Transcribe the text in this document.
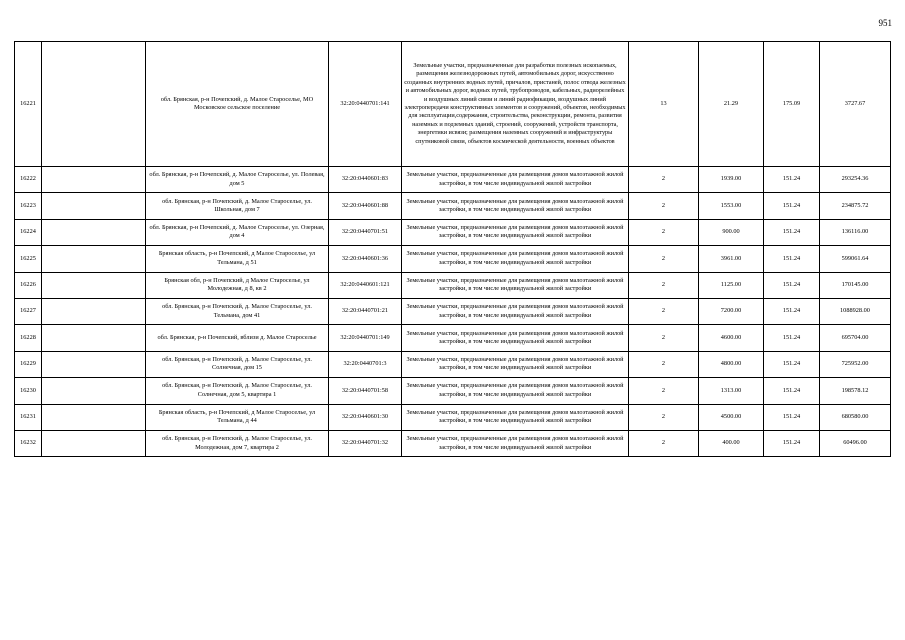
951
16221		обл. Брянская, р-н Почепский, д. Малое Староселье, МО Московское сельское поселение	32:20:0440701:141	Земельные участки, предназначенные для разработки полезных ископаемых, размещения железнодорожных путей, автомобильных дорог, искусственно созданных внутренних водных путей, причалов, пристаней, полос отвода железных и автомобильных дорог, водных путей, трубопроводов, кабельных, радиорелейных и воздушных линий связи и линий радиофикации, воздушных линий электропередачи конструктивных элементов и сооружений, объектов, необходимых для эксплуатации,содержания, строительства, реконструкции, ремонта, развития наземных и подземных зданий, строений, сооружений, устройств транспорта, энергетики исвязи; размещения наземных сооружений и инфраструктуры спутниковой связи, объектов космической деятельности, военных объектов	13	21.29	175.09	3727.67
16222		обл. Брянская, р-н Почепский, д. Малое Староселье, ул. Полевая, дом 5	32:20:0440601:83	Земельные участки, предназначенные для размещения домов малоэтажной жилой застройки, в том числе индивидуальной жилой застройки	2	1939.00	151.24	293254.36
16223		обл. Брянская, р-н Почепский, д. Малое Староселье, ул. Школьная, дом 7	32:20:0440601:88	Земельные участки, предназначенные для размещения домов малоэтажной жилой застройки, в том числе индивидуальной жилой застройки	2	1553.00	151.24	234875.72
16224		обл. Брянская, р-н Почепский, д. Малое Староселье, ул. Озерная, дом 4	32:20:0440701:51	Земельные участки, предназначенные для размещения домов малоэтажной жилой застройки, в том числе индивидуальной жилой застройки	2	900.00	151.24	136116.00
16225		Брянская область, р-н Почепский, д Малое Староселье, ул Тельмана, д 51	32:20:0440601:36	Земельные участки, предназначенные для размещения домов малоэтажной жилой застройки, в том числе индивидуальной жилой застройки	2	3961.00	151.24	599061.64
16226		Брянская обл, р-н Почепский, д Малое Староселье, ул Молодежная, д 8, кв 2	32:20:0440601:121	Земельные участки, предназначенные для размещения домов малоэтажной жилой застройки, в том числе индивидуальной жилой застройки	2	1125.00	151.24	170145.00
16227		обл. Брянская, р-н Почепский, д. Малое Староселье, ул. Тельмана, дом 41	32:20:0440701:21	Земельные участки, предназначенные для размещения домов малоэтажной жилой застройки, в том числе индивидуальной жилой застройки	2	7200.00	151.24	1088928.00
16228		обл. Брянская, р-н Почепский, вблизи д. Малое Староселье	32:20:0440701:149	Земельные участки, предназначенные для размещения домов малоэтажной жилой застройки, в том числе индивидуальной жилой застройки	2	4600.00	151.24	695704.00
16229		обл. Брянская, р-н Почепский, д. Малое Староселье, ул. Солнечная, дом 15	32:20:0440701:3	Земельные участки, предназначенные для размещения домов малоэтажной жилой застройки, в том числе индивидуальной жилой застройки	2	4800.00	151.24	725952.00
16230		обл. Брянская, р-н Почепский, д. Малое Староселье, ул. Солнечная, дом 5, квартира 1	32:20:0440701:58	Земельные участки, предназначенные для размещения домов малоэтажной жилой застройки, в том числе индивидуальной жилой застройки	2	1313.00	151.24	198578.12
16231		Брянская область, р-н Почепский, д Малое Староселье, ул Тельмана, д 44	32:20:0440601:30	Земельные участки, предназначенные для размещения домов малоэтажной жилой застройки, в том числе индивидуальной жилой застройки	2	4500.00	151.24	680580.00
16232		обл. Брянская, р-н Почепский, д. Малое Староселье, ул. Молодежная, дом 7, квартира 2	32:20:0440701:32	Земельные участки, предназначенные для размещения домов малоэтажной жилой застройки, в том числе индивидуальной жилой застройки	2	400.00	151.24	60496.00
